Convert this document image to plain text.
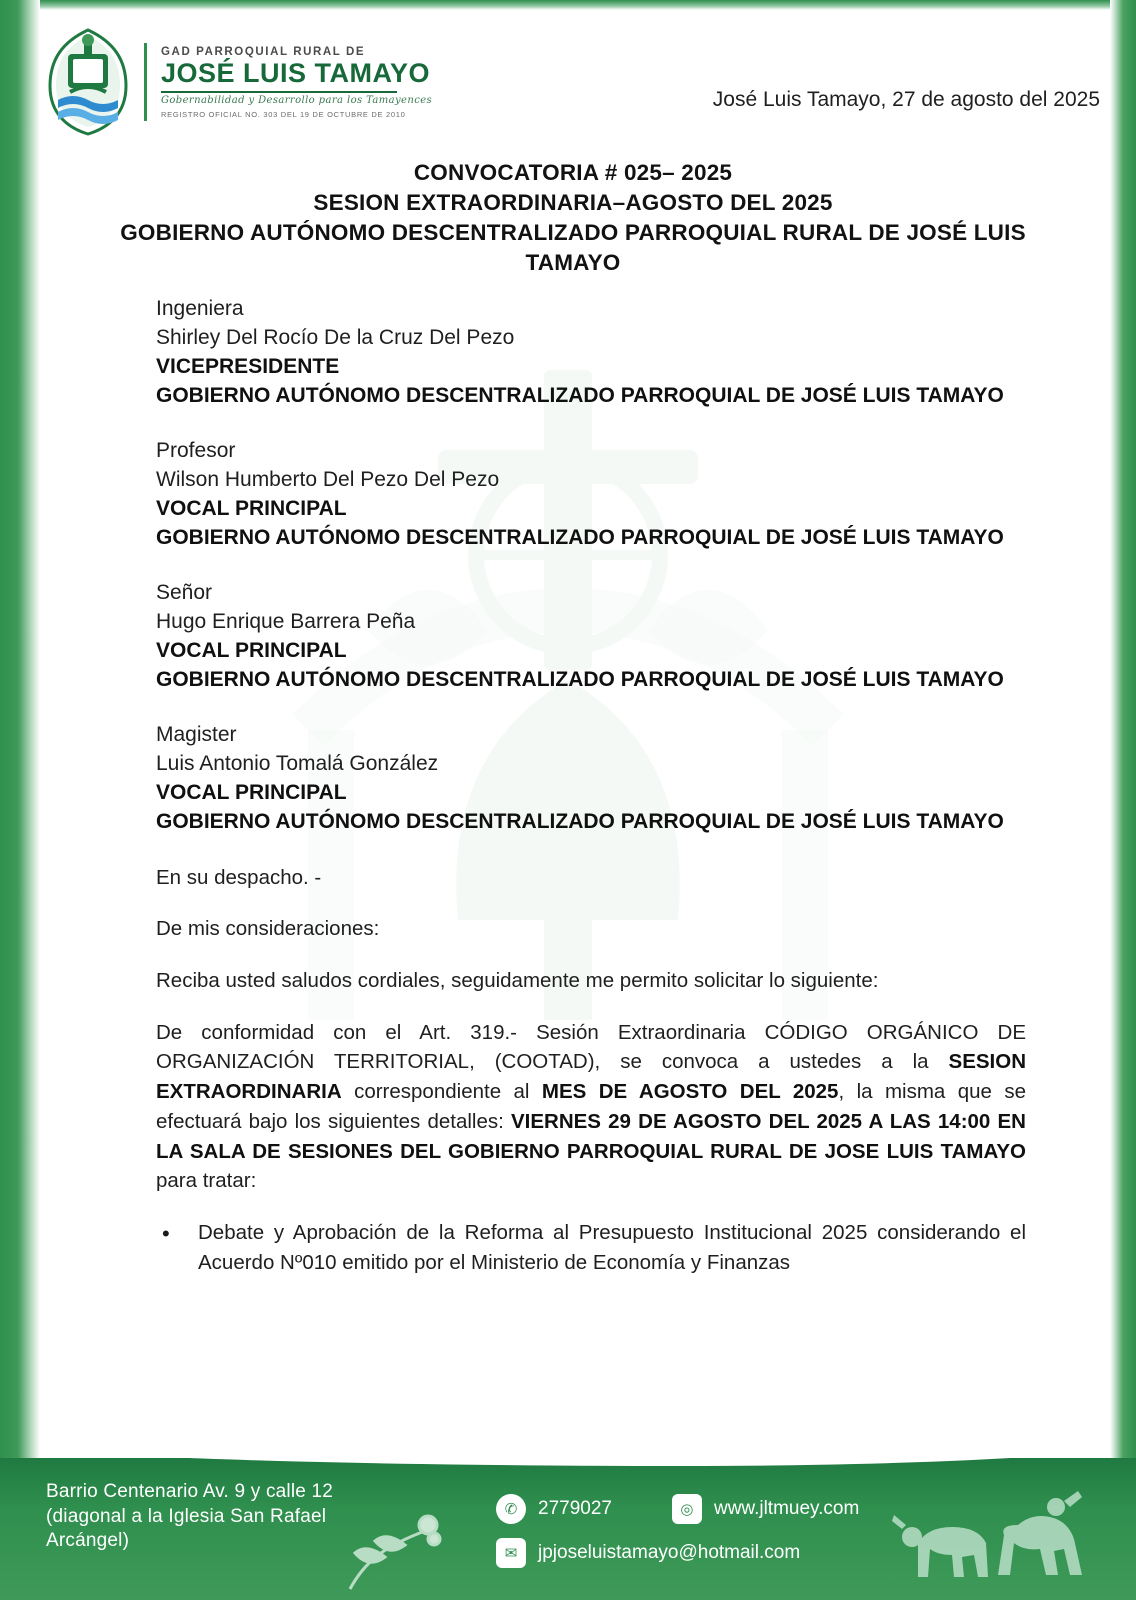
GAD PARROQUIAL RURAL DE
JOSÉ LUIS TAMAYO
Gobernabilidad y Desarrollo para los Tamayences
REGISTRO OFICIAL NO. 303 DEL 19 DE OCTUBRE DE 2010
José Luis Tamayo, 27 de agosto del 2025
CONVOCATORIA # 025– 2025
SESION EXTRAORDINARIA–AGOSTO DEL 2025
GOBIERNO AUTÓNOMO DESCENTRALIZADO PARROQUIAL RURAL DE JOSÉ LUIS TAMAYO
Ingeniera
Shirley Del Rocío De la Cruz Del Pezo
VICEPRESIDENTE
GOBIERNO AUTÓNOMO DESCENTRALIZADO PARROQUIAL DE JOSÉ LUIS TAMAYO
Profesor
Wilson Humberto Del Pezo Del Pezo
VOCAL PRINCIPAL
GOBIERNO AUTÓNOMO DESCENTRALIZADO PARROQUIAL DE JOSÉ LUIS TAMAYO
Señor
Hugo Enrique Barrera Peña
VOCAL PRINCIPAL
GOBIERNO AUTÓNOMO DESCENTRALIZADO PARROQUIAL DE JOSÉ LUIS TAMAYO
Magister
Luis Antonio Tomalá González
VOCAL PRINCIPAL
GOBIERNO AUTÓNOMO DESCENTRALIZADO PARROQUIAL DE JOSÉ LUIS TAMAYO

En su despacho. -

De mis consideraciones:

Reciba usted saludos cordiales, seguidamente me permito solicitar lo siguiente:

De conformidad con el Art. 319.- Sesión Extraordinaria CÓDIGO ORGÁNICO DE ORGANIZACIÓN TERRITORIAL, (COOTAD), se convoca a ustedes a la SESION EXTRAORDINARIA correspondiente al MES DE AGOSTO DEL 2025, la misma que se efectuará bajo los siguientes detalles: VIERNES 29 DE AGOSTO DEL 2025 A LAS 14:00 EN LA SALA DE SESIONES DEL GOBIERNO PARROQUIAL RURAL DE JOSE LUIS TAMAYO para tratar:

•	Debate y Aprobación de la Reforma al Presupuesto Institucional 2025 considerando el Acuerdo Nº010 emitido por el Ministerio de Economía y Finanzas
Barrio Centenario Av. 9 y calle 12 (diagonal a la Iglesia San Rafael Arcángel)
✆	2779027	◎	www.jltmuey.com
✉	jpjoseluistamayo@hotmail.com
